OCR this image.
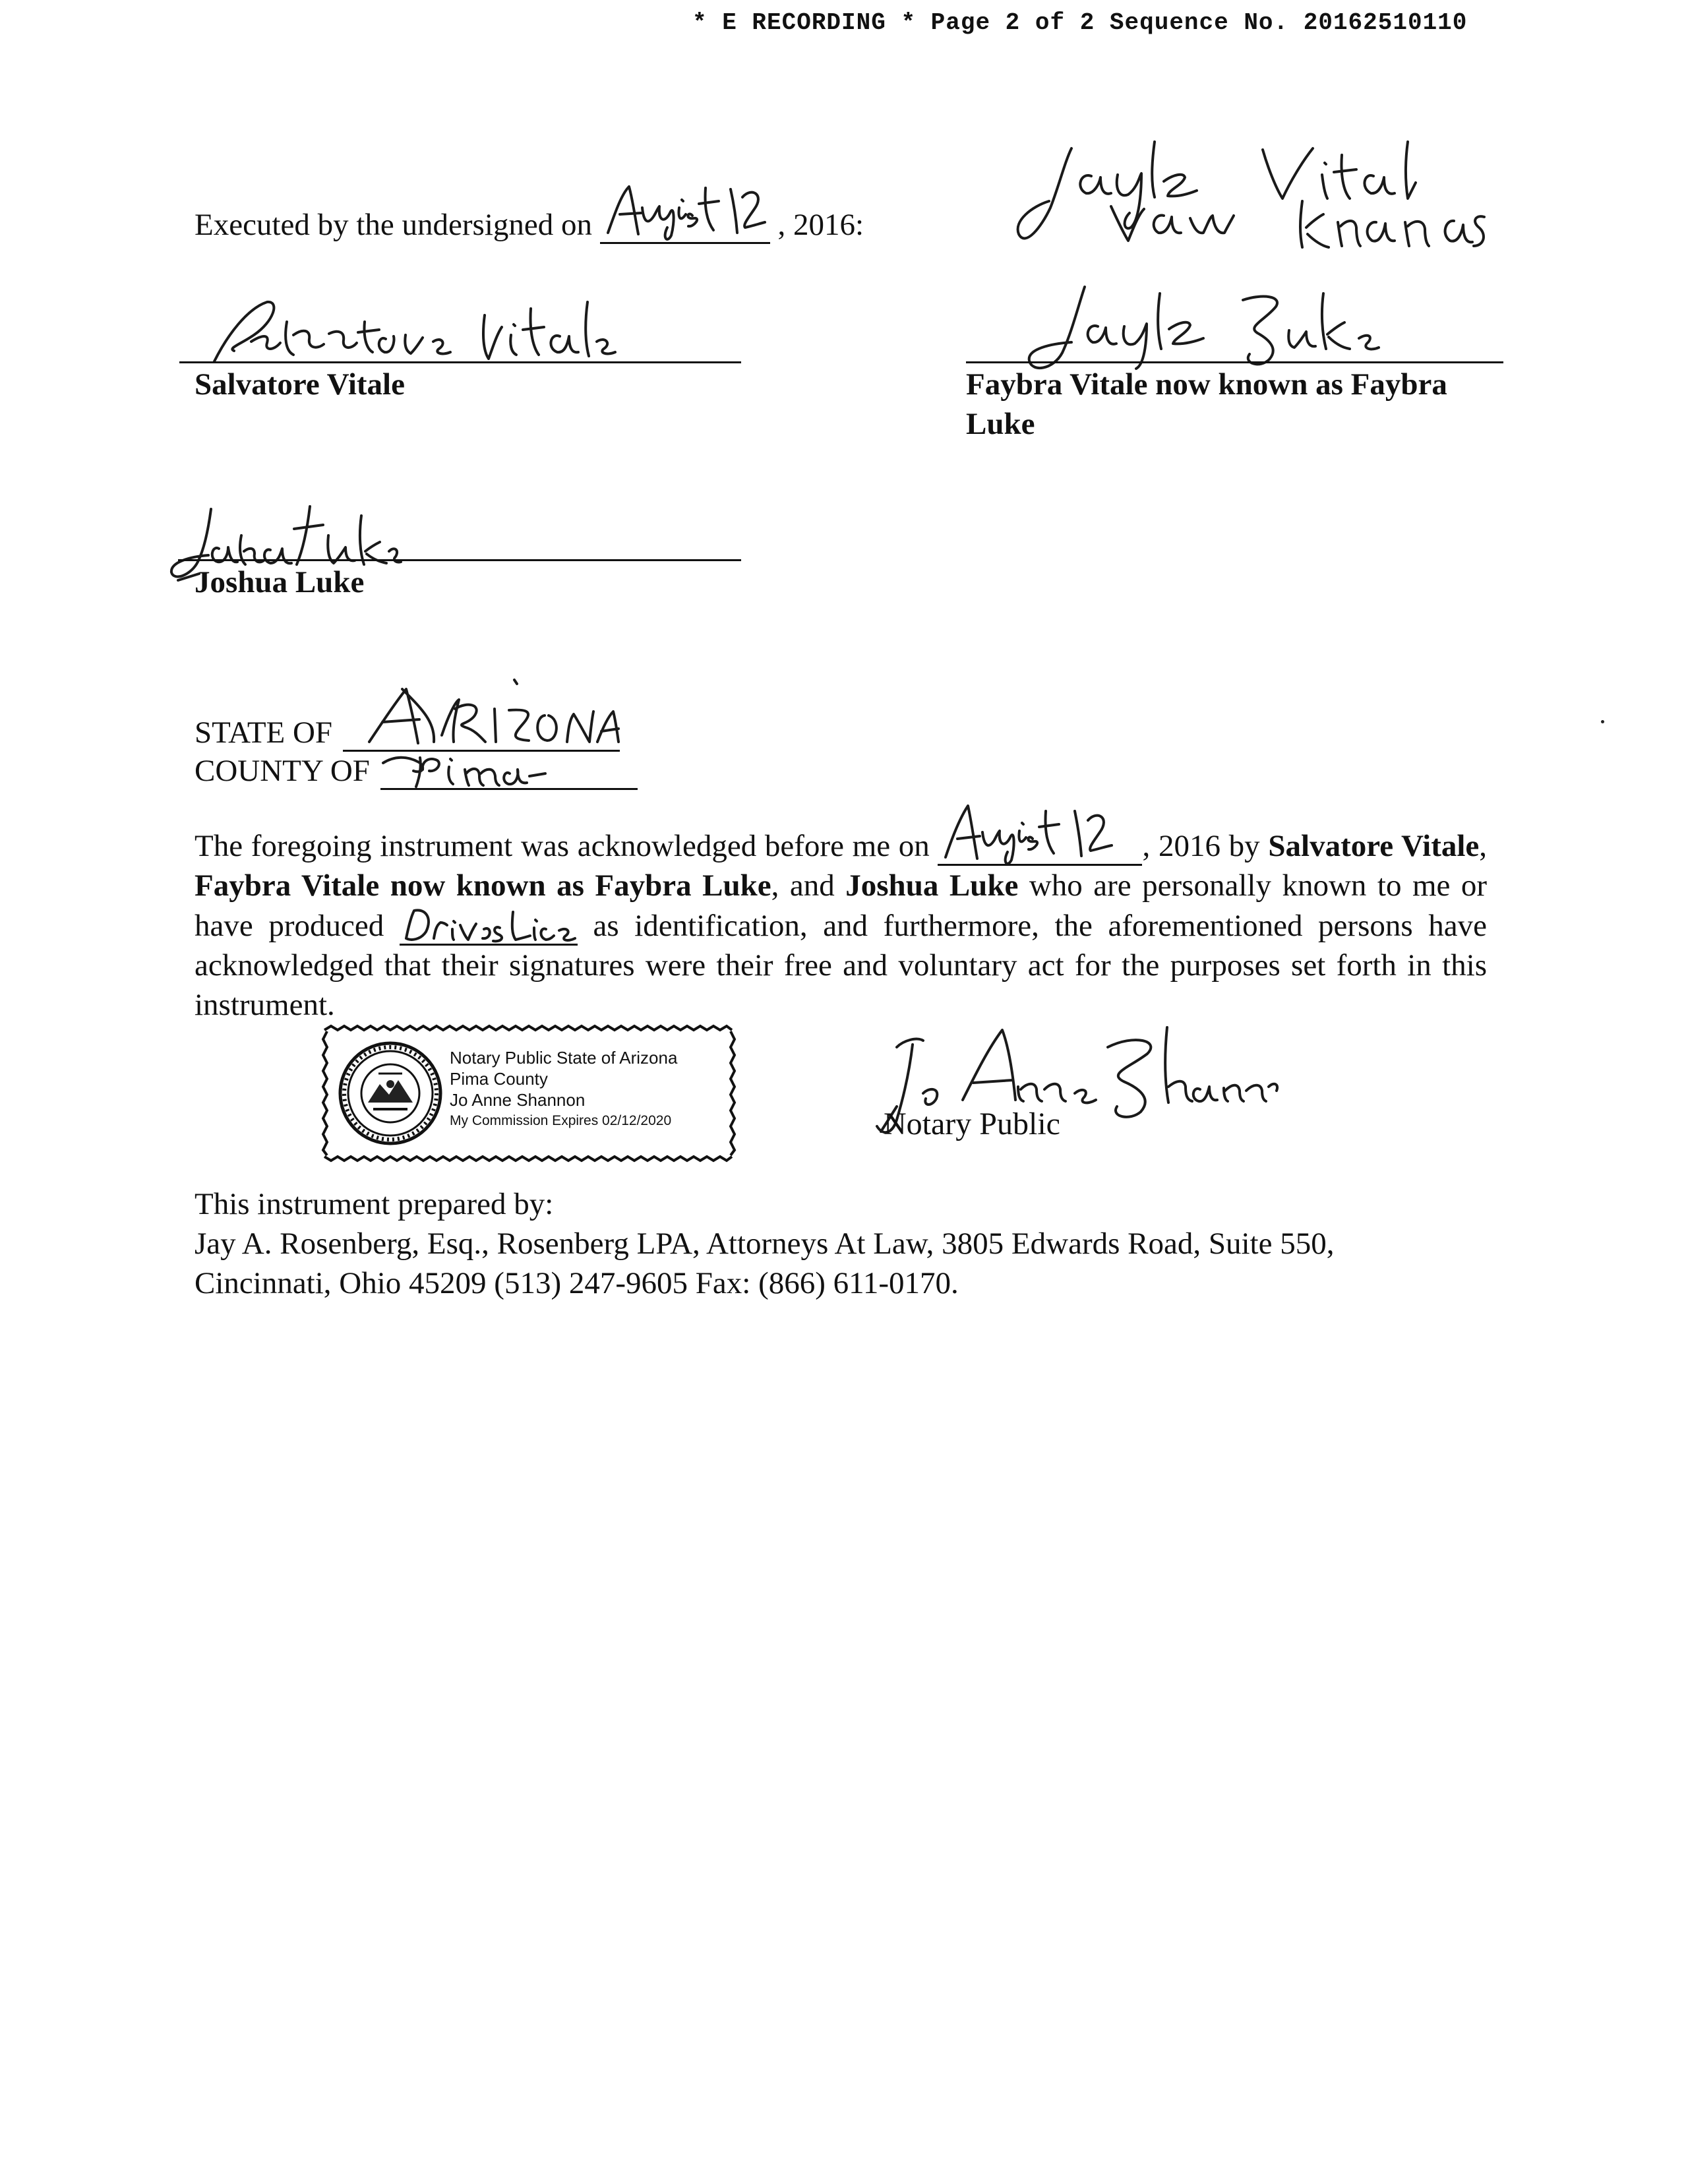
* E RECORDING * Page 2 of 2 Sequence No. 20162510110
Executed by the undersigned on	, 2016:
Salvatore Vitale	Faybra Vitale now known as Faybra
Luke
Joshua Luke
STATE OF
COUNTY OF
The foregoing instrument was acknowledged before me on	, 2016 by Salvatore Vitale, Faybra Vitale now known as Faybra Luke, and Joshua Luke who are personally known to me or have produced	as identification, and furthermore, the aforementioned persons have acknowledged that their signatures were their free and voluntary act for the purposes set forth in this instrument.
Notary Public State of Arizona
Pima County
Jo Anne Shannon
My Commission Expires 02/12/2020	Notary Public
This instrument prepared by:
Jay A. Rosenberg, Esq., Rosenberg LPA, Attorneys At Law, 3805 Edwards Road, Suite 550,
Cincinnati, Ohio 45209 (513) 247-9605 Fax: (866) 611-0170.
